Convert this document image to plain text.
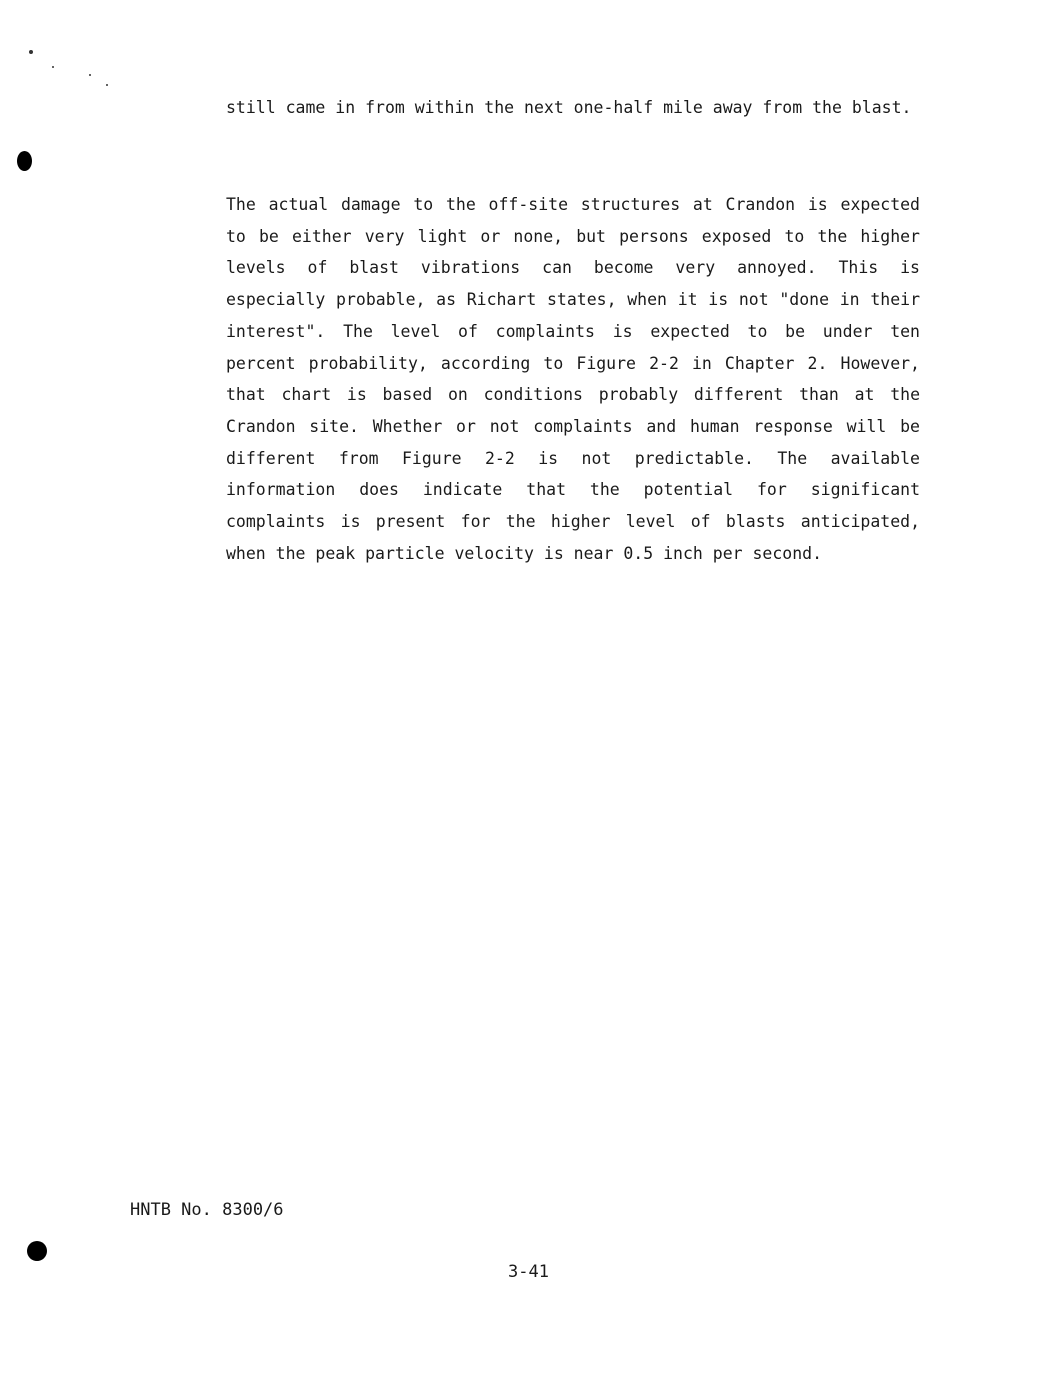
still came in from within the next one-half mile away from the blast.

The actual damage to the off-site structures at Crandon is expected to be either very light or none, but persons exposed to the higher levels of blast vibrations can become very annoyed. This is especially probable, as Richart states, when it is not "done in their interest". The level of complaints is expected to be under ten percent probability, according to Figure 2-2 in Chapter 2. However, that chart is based on conditions probably different than at the Crandon site. Whether or not complaints and human response will be different from Figure 2-2 is not predictable. The available information does indicate that the potential for significant complaints is present for the higher level of blasts anticipated, when the peak particle velocity is near 0.5 inch per second.

HNTB No. 8300/6

3-41
